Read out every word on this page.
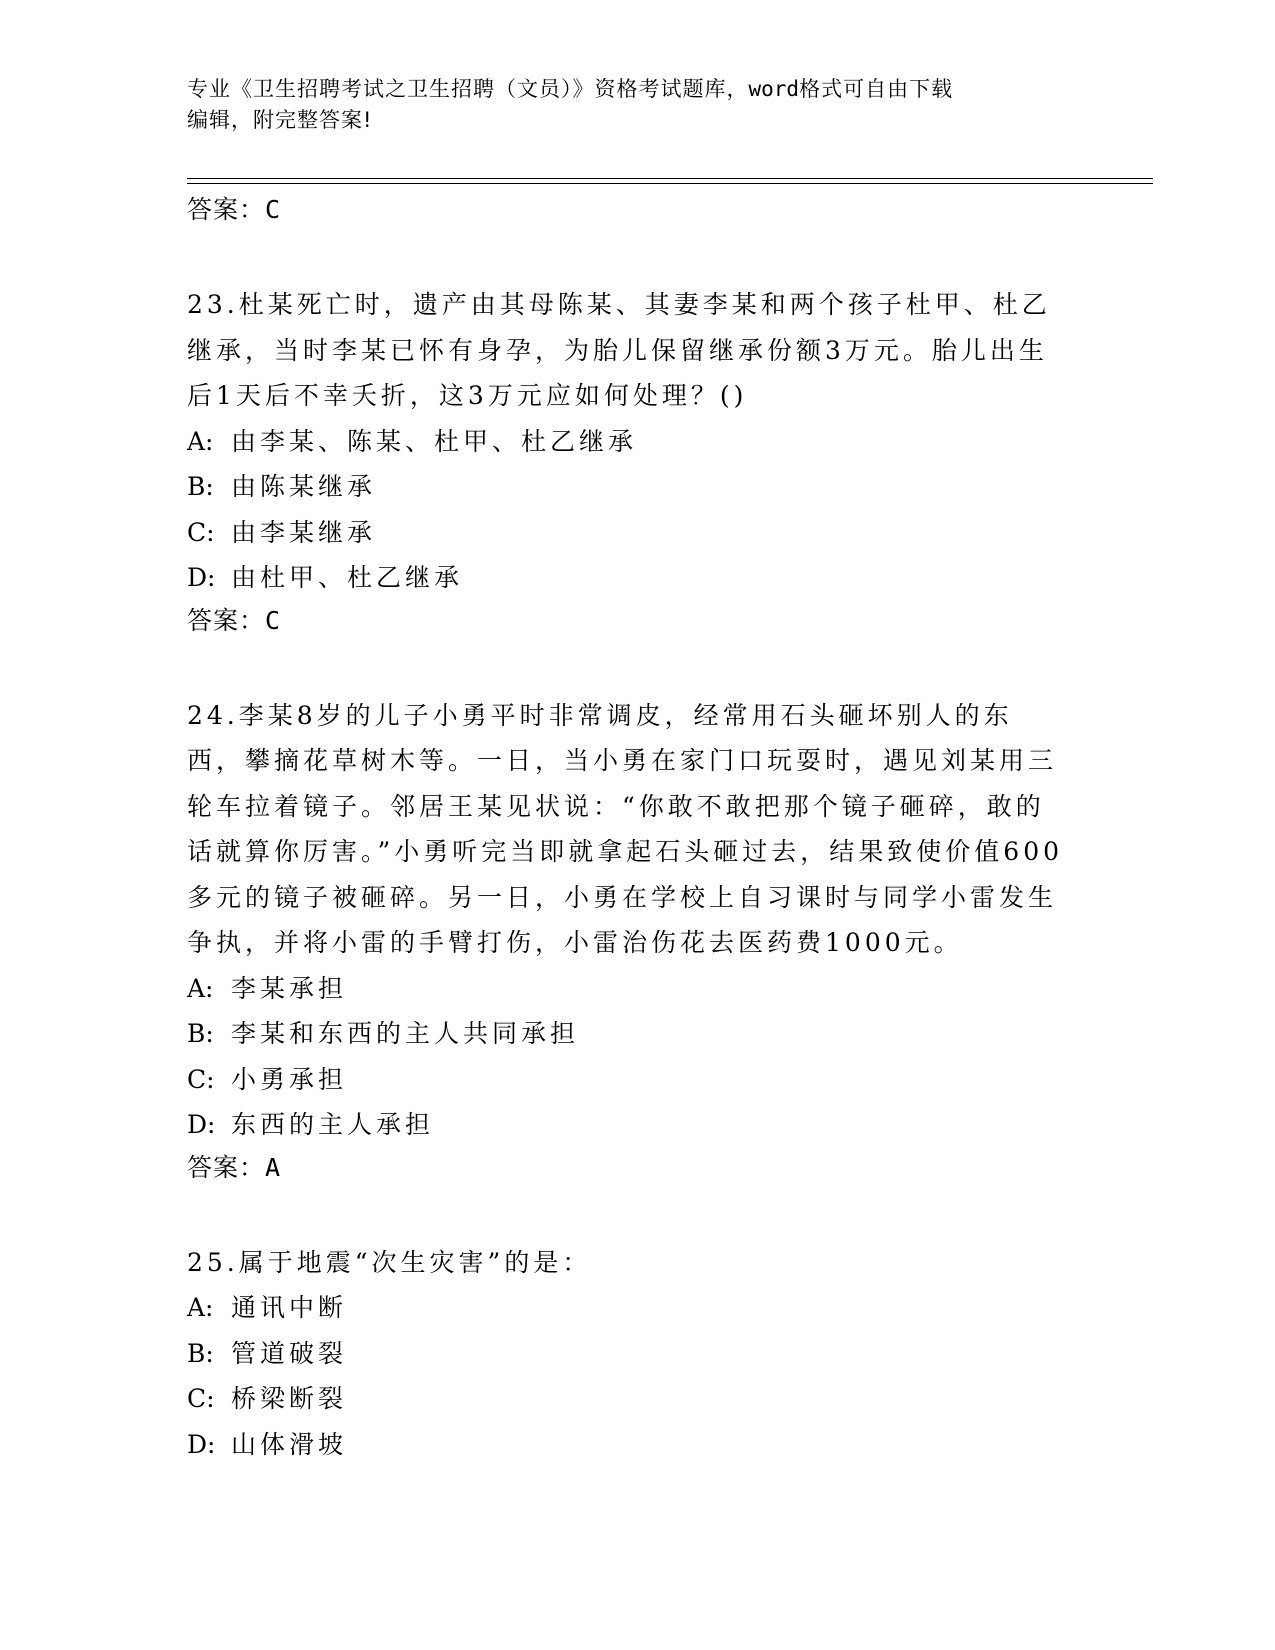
专业《卫生招聘考试之卫生招聘（文员）》资格考试题库，word格式可自由下载
编辑，附完整答案!
答案：C

23.杜某死亡时，遗产由其母陈某、其妻李某和两个孩子杜甲、杜乙继承，当时李某已怀有身孕，为胎儿保留继承份额3万元。胎儿出生后1天后不幸夭折，这3万元应如何处理？()

A: 由李某、陈某、杜甲、杜乙继承

B: 由陈某继承

C: 由李某继承

D: 由杜甲、杜乙继承

答案：C

24.李某8岁的儿子小勇平时非常调皮，经常用石头砸坏别人的东西，攀摘花草树木等。一日，当小勇在家门口玩耍时，遇见刘某用三轮车拉着镜子。邻居王某见状说：“你敢不敢把那个镜子砸碎，敢的话就算你厉害。”小勇听完当即就拿起石头砸过去，结果致使价值600多元的镜子被砸碎。另一日，小勇在学校上自习课时与同学小雷发生争执，并将小雷的手臂打伤，小雷治伤花去医药费1000元。

A: 李某承担

B: 李某和东西的主人共同承担

C: 小勇承担

D: 东西的主人承担

答案：A

25.属于地震“次生灾害”的是：

A: 通讯中断

B: 管道破裂

C: 桥梁断裂

D: 山体滑坡
